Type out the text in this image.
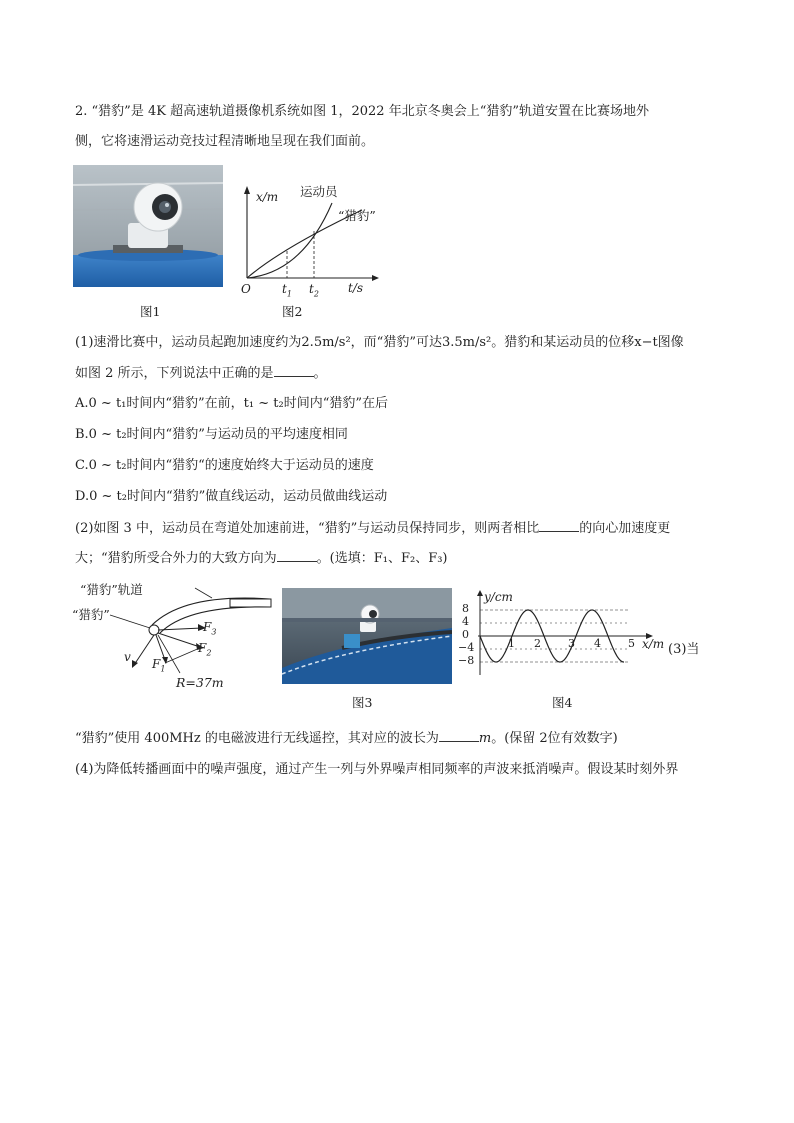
2. “猎豹”是 4K 超高速轨道摄像机系统如图 1，2022 年北京冬奥会上“猎豹”轨道安置在比赛场地外
侧，它将速滑运动竞技过程清晰地呈现在我们面前。
图1
x/m 运动员
“猎豹”
O	$t_1$ $t_2$ t/s
图2
(1)速滑比赛中，运动员起跑加速度约为2.5m/s²，而“猎豹”可达3.5m/s²。猎豹和某运动员的位移x−t图像
如图 2 所示，下列说法中正确的是	。
A.0 ~ t₁时间内“猎豹”在前，t₁ ~ t₂时间内“猎豹”在后
B.0 ~ t₂时间内“猎豹”与运动员的平均速度相同
C.0 ~ t₂时间内“猎豹“的速度始终大于运动员的速度
D.0 ~ t₂时间内“猎豹”做直线运动，运动员做曲线运动
(2)如图 3 中，运动员在弯道处加速前进，“猎豹”与运动员保持同步，则两者相比	的向心加速度更
大；“猎豹所受合外力的大致方向为	。(选填：F₁、F₂、F₃)
“猎豹”轨道
“猎豹”
v $F_1$
$F_2$
$F_3$
R=37m
图3
y/cm
8
4
0
−4
−8
1 2 3 4 5 x/m
图4
(3)当
“猎豹”使用 400MHz 的电磁波进行无线遥控，其对应的波长为	m。(保留 2位有效数字)
(4)为降低转播画面中的噪声强度，通过产生一列与外界噪声相同频率的声波来抵消噪声。假设某时刻外界
